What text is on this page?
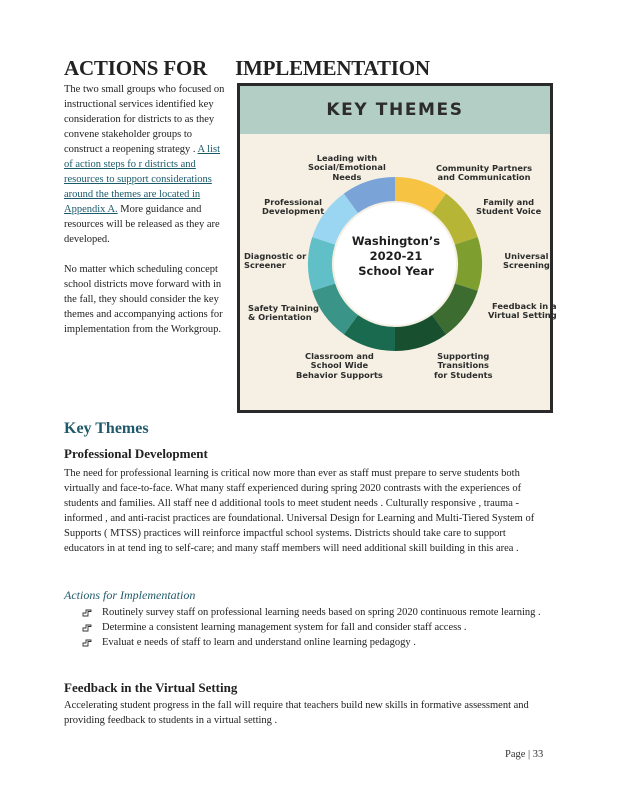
ACTIONS FOR IMPLEMENTATION

The two small groups who focused on instructional services identified key consideration for districts to as they convene stakeholder groups to construct a reopening strategy . A list of action steps fo r districts and resources to support considerations around the themes are located in Appendix A. More guidance and resources will be released as they are developed.

No matter which scheduling concept school districts move forward with in the fall, they should consider the key themes and accompanying actions for implementation from the Workgroup.

KEY THEMES
Washington’s
2020-21
School Year
Community Partners
and Communication
Family and
Student Voice
Universal
Screening
Feedback in a
Virtual Setting
Supporting
Transitions
for Students
Classroom and
School Wide
Behavior Supports
Safety Training
& Orientation
Diagnostic or
Screener
Professional
Development
Leading with
Social/Emotional
Needs
Key Themes
Professional Development
The need for professional learning is critical now more than ever as staff must prepare to serve students both virtually and face-to-face. What many staff experienced during spring 2020 contrasts with the experiences of students and families. All staff nee d additional tools to meet student needs . Culturally responsive , trauma -informed , and anti-racist practices are foundational. Universal Design for Learning and Multi-Tiered System of Supports ( MTSS) practices will reinforce impactful school systems. Districts should take care to support educators in at tend ing to self-care; and many staff members will need additional skill building in this area .
Actions for Implementation
Routinely survey staff on professional learning needs based on spring 2020 continuous remote learning .
Determine a consistent learning management system for fall and consider staff access .
Evaluat e needs of staff to learn and understand online learning pedagogy .
Feedback in the Virtual Setting
Accelerating student progress in the fall will require that teachers build new skills in formative assessment and providing feedback to students in a virtual setting .
Page | 33
